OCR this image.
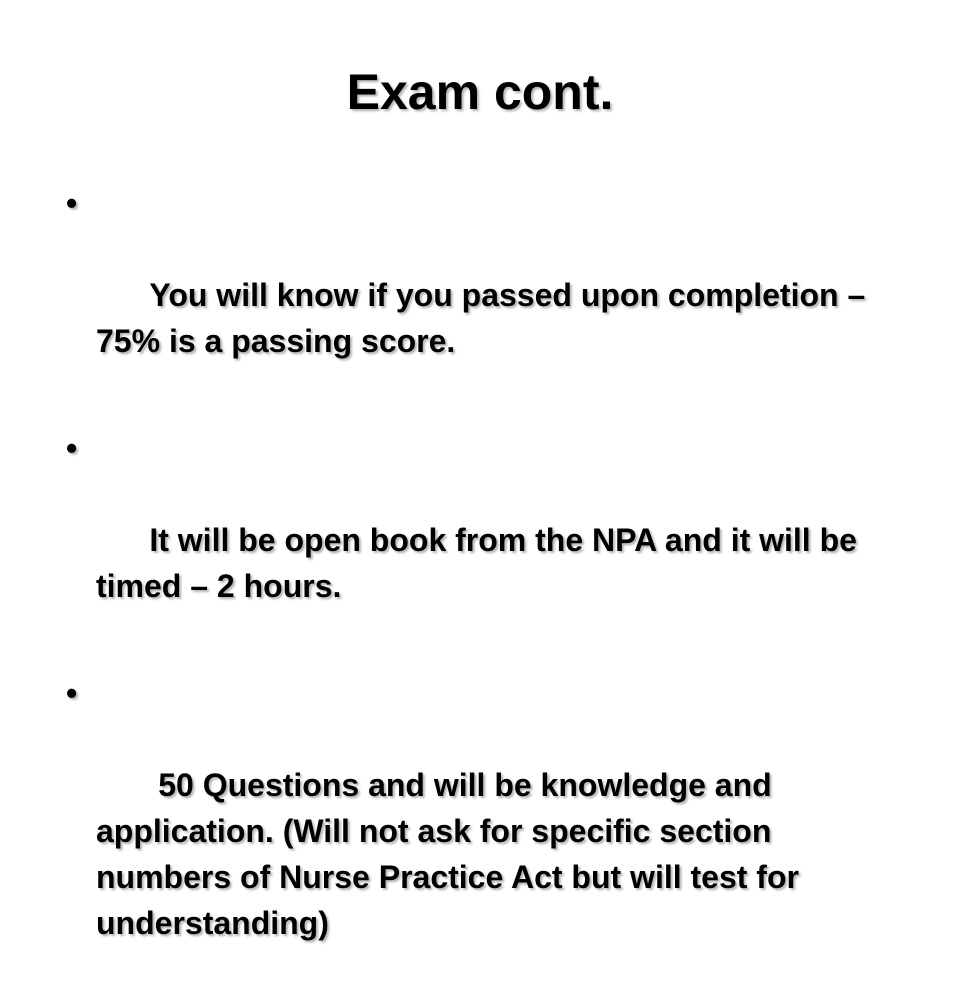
Exam cont.

•

You will know if you passed upon completion – 75% is a passing score.

•

It will be open book from the NPA and it will be timed – 2 hours.

•

50 Questions and will be knowledge and application. (Will not ask for specific section numbers of Nurse Practice Act but will test for understanding)
